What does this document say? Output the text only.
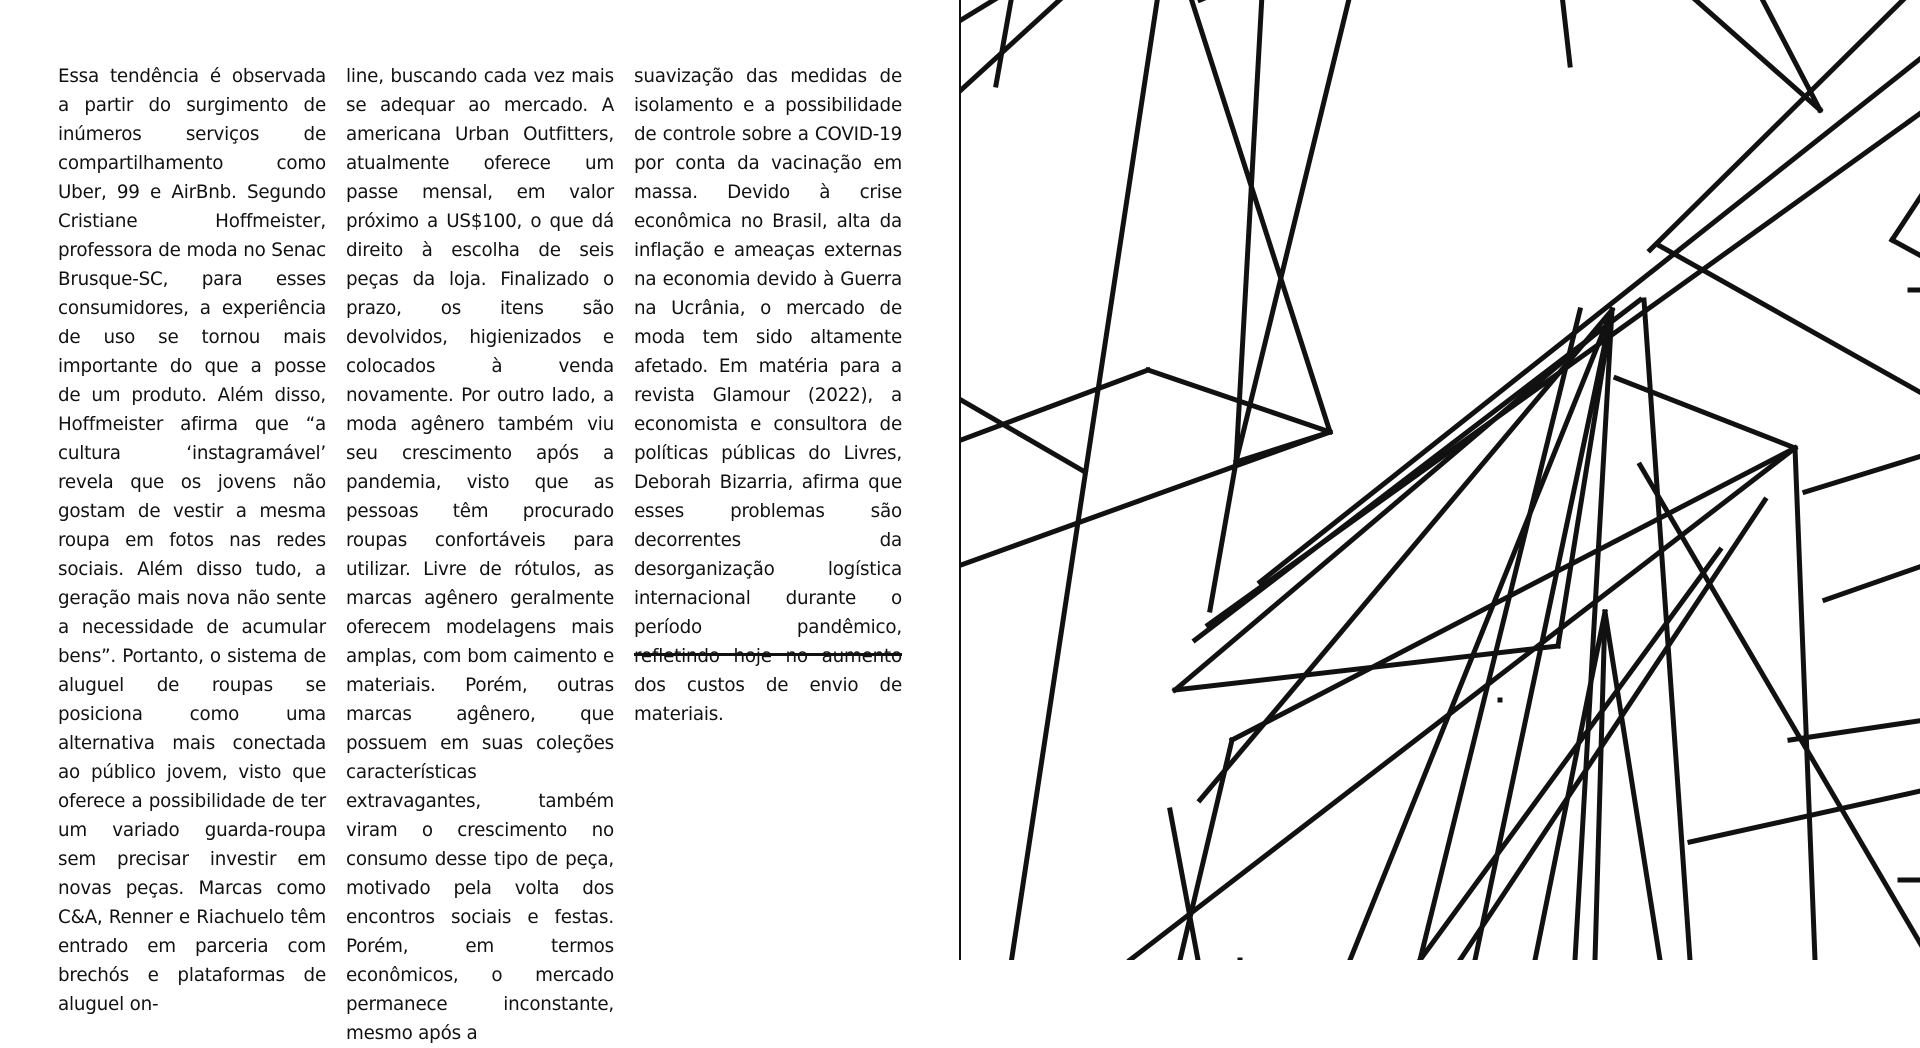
Essa tendência é observada a partir do surgimento de inúmeros serviços de compartilhamento como Uber, 99 e AirBnb. Segundo Cristiane Hoffmeister, professora de moda no Senac Brusque-SC, para esses consumidores, a experiência de uso se tornou mais importante do que a posse de um produto. Além disso, Hoffmeister afirma que “a cultura ‘instagramável’ revela que os jovens não gostam de vestir a mesma roupa em fotos nas redes sociais. Além disso tudo, a geração mais nova não sente a necessidade de acumular bens”. Portanto, o sistema de aluguel de roupas se posiciona como uma alternativa mais conectada ao público jovem, visto que oferece a possibilidade de ter um variado guarda-roupa sem precisar investir em novas peças. Marcas como C&A, Renner e Riachuelo têm entrado em parceria com brechós e plataformas de aluguel on-

line, buscando cada vez mais se adequar ao mercado. A americana Urban Outfitters, atualmente oferece um passe mensal, em valor próximo a US$100, o que dá direito à escolha de seis peças da loja. Finalizado o prazo, os itens são devolvidos, higienizados e colocados à venda novamente. Por outro lado, a moda agênero também viu seu crescimento após a pandemia, visto que as pessoas têm procurado roupas confortáveis para utilizar. Livre de rótulos, as marcas agênero geralmente oferecem modelagens mais amplas, com bom caimento e materiais. Porém, outras marcas agênero, que possuem em suas coleções características extravagantes, também viram o crescimento no consumo desse tipo de peça, motivado pela volta dos encontros sociais e festas. Porém, em termos econômicos, o mercado permanece inconstante, mesmo após a

suavização das medidas de isolamento e a possibilidade de controle sobre a COVID-19 por conta da vacinação em massa. Devido à crise econômica no Brasil, alta da inflação e ameaças externas na economia devido à Guerra na Ucrânia, o mercado de moda tem sido altamente afetado. Em matéria para a revista Glamour (2022), a economista e consultora de políticas públicas do Livres, Deborah Bizarria, afirma que esses problemas são decorrentes da desorganização logística internacional durante o período pandêmico, refletindo hoje no aumento dos custos de envio de materiais.
